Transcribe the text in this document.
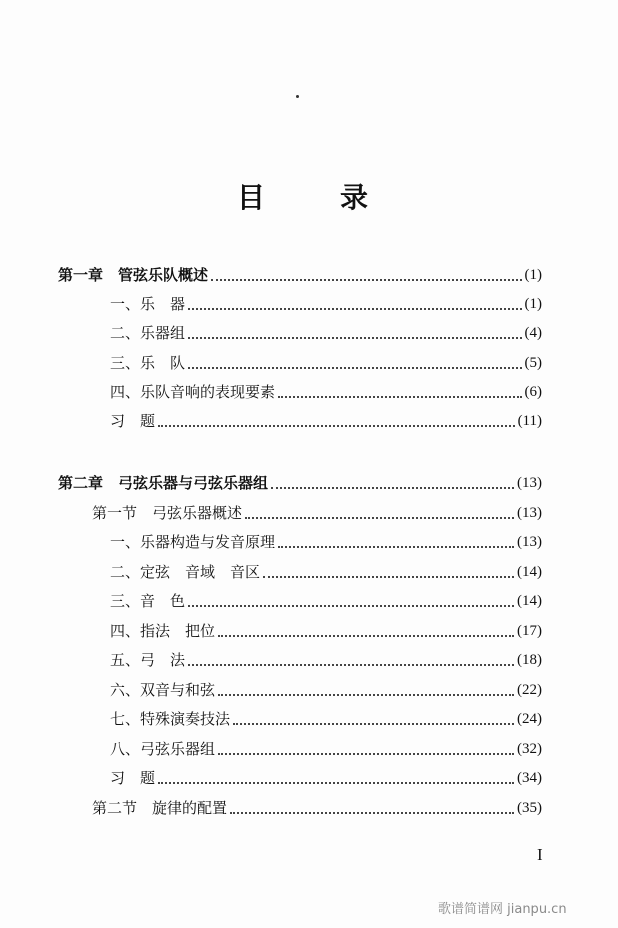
目	录
第一章　管弦乐队概述	(1)
一、乐　器	(1)
二、乐器组	(4)
三、乐　队	(5)
四、乐队音响的表现要素	(6)
习　题	(11)
第二章　弓弦乐器与弓弦乐器组	(13)
第一节　弓弦乐器概述	(13)
一、乐器构造与发音原理	(13)
二、定弦　音域　音区	(14)
三、音　色	(14)
四、指法　把位	(17)
五、弓　法	(18)
六、双音与和弦	(22)
七、特殊演奏技法	(24)
八、弓弦乐器组	(32)
习　题	(34)
第二节　旋律的配置	(35)
I
歌谱简谱网 jianpu.cn
